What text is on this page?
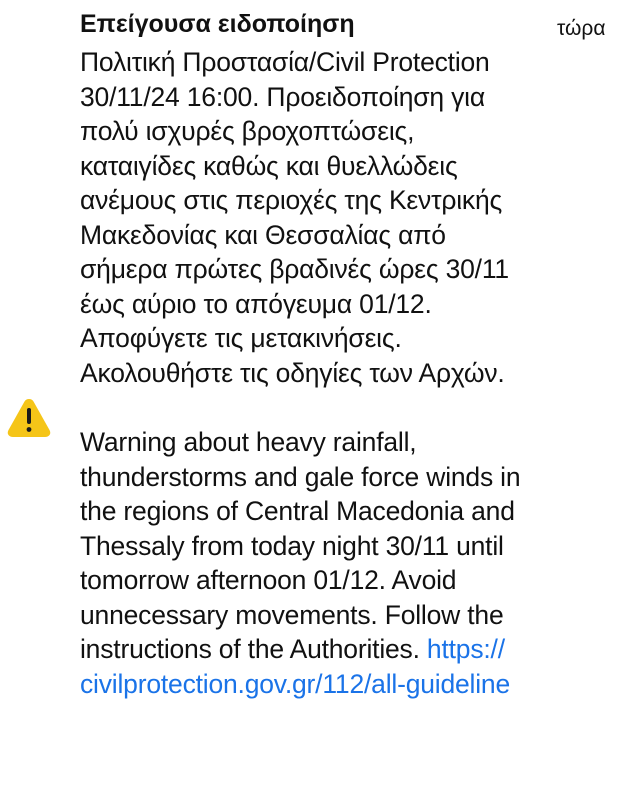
Επείγουσα ειδοποίηση	τώρα
Πολιτική Προστασία/Civil Protection
30/11/24 16:00. Προειδοποίηση για
πολύ ισχυρές βροχοπτώσεις,
καταιγίδες καθώς και θυελλώδεις
ανέμους στις περιοχές της Κεντρικής
Μακεδονίας και Θεσσαλίας από
σήμερα πρώτες βραδινές ώρες 30/11
έως αύριο το απόγευμα 01/12.
Αποφύγετε τις μετακινήσεις.
Ακολουθήστε τις οδηγίες των Αρχών.
Warning about heavy rainfall,
thunderstorms and gale force winds in
the regions of Central Macedonia and
Thessaly from today night 30/11 until
tomorrow afternoon 01/12. Avoid
unnecessary movements. Follow the
instructions of the Authorities. https://
civilprotection.gov.gr/112/all-guideline
